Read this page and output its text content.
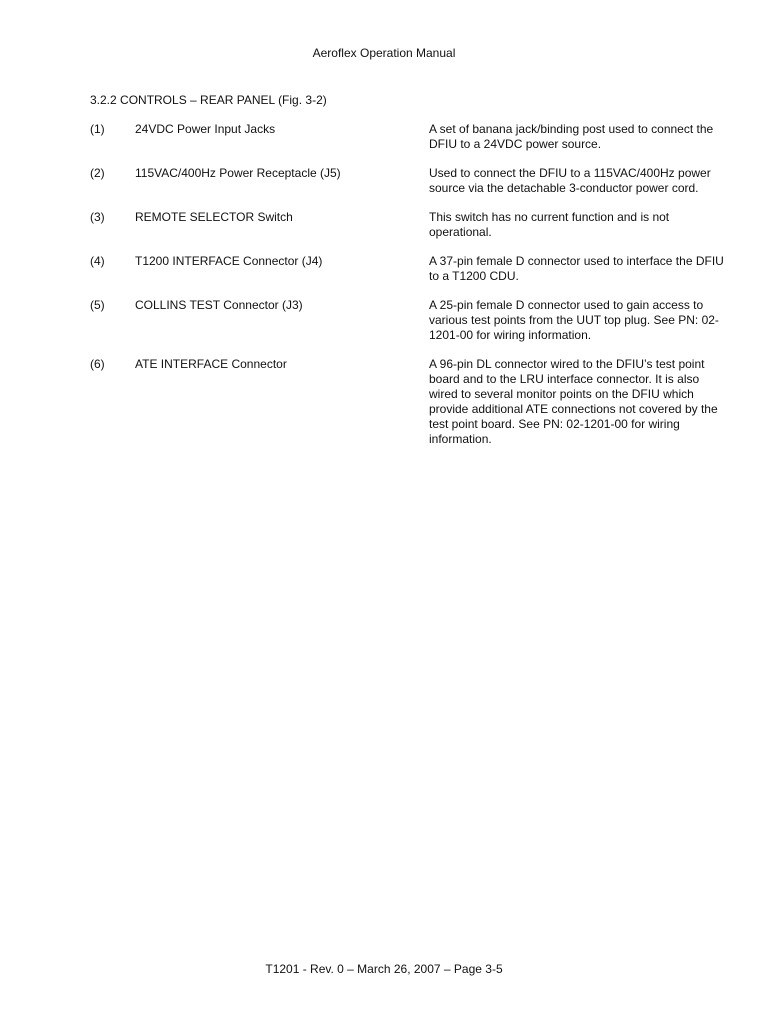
Aeroflex Operation Manual
3.2.2 CONTROLS – REAR PANEL (Fig. 3-2)
(1)	24VDC Power Input Jacks	A set of banana jack/binding post used to connect the DFIU to a 24VDC power source.
(2)	115VAC/400Hz Power Receptacle (J5)	Used to connect the DFIU to a 115VAC/400Hz power source via the detachable 3-conductor power cord.
(3)	REMOTE SELECTOR Switch	This switch has no current function and is not operational.
(4)	T1200 INTERFACE Connector (J4)	A 37-pin female D connector used to interface the DFIU to a T1200 CDU.
(5)	COLLINS TEST Connector (J3)	A 25-pin female D connector used to gain access to various test points from the UUT top plug. See PN: 02-1201-00 for wiring information.
(6)	ATE INTERFACE Connector	A 96-pin DL connector wired to the DFIU’s test point board and to the LRU interface connector. It is also wired to several monitor points on the DFIU which provide additional ATE connections not covered by the test point board. See PN: 02-1201-00 for wiring information.
T1201 - Rev. 0 – March 26, 2007 – Page 3-5
